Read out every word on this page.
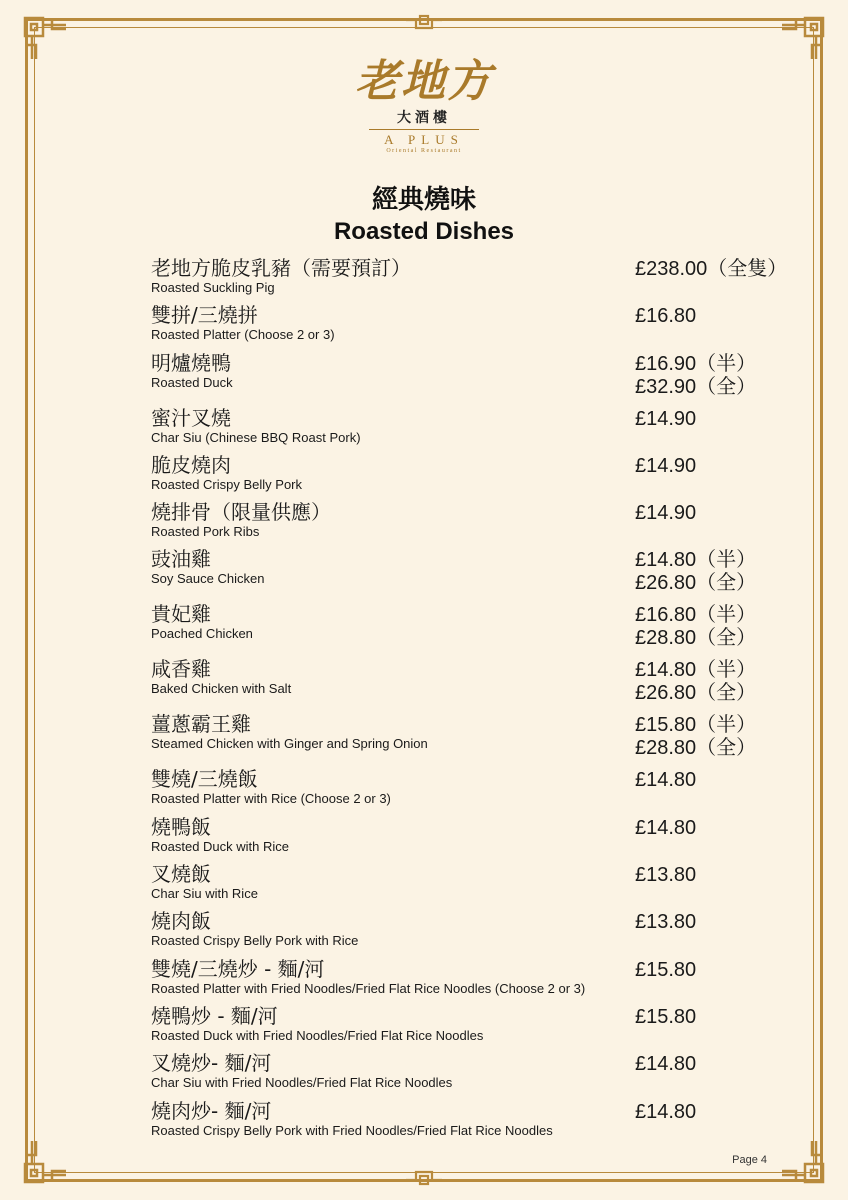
老地方
大酒樓
A PLUS
Oriental Restaurant
經典燒味
Roasted Dishes
老地方脆皮乳豬（需要預訂）
Roasted Suckling Pig
£238.00（全隻）
雙拼/三燒拼
Roasted Platter (Choose 2 or 3)
£16.80
明爐燒鴨
Roasted Duck
£16.90（半）
£32.90（全）
蜜汁叉燒
Char Siu (Chinese BBQ Roast Pork)
£14.90
脆皮燒肉
Roasted Crispy Belly Pork
£14.90
燒排骨（限量供應）
Roasted Pork Ribs
£14.90
豉油雞
Soy Sauce Chicken
£14.80（半）
£26.80（全）
貴妃雞
Poached Chicken
£16.80（半）
£28.80（全）
咸香雞
Baked Chicken with Salt
£14.80（半）
£26.80（全）
薑蔥霸王雞
Steamed Chicken with Ginger and Spring Onion
£15.80（半）
£28.80（全）
雙燒/三燒飯
Roasted Platter with Rice (Choose 2 or 3)
£14.80
燒鴨飯
Roasted Duck with Rice
£14.80
叉燒飯
Char Siu with Rice
£13.80
燒肉飯
Roasted Crispy Belly Pork with Rice
£13.80
雙燒/三燒炒 - 麵/河
Roasted Platter with Fried Noodles/Fried Flat Rice Noodles (Choose 2 or 3)
£15.80
燒鴨炒 - 麵/河
Roasted Duck with Fried Noodles/Fried Flat Rice Noodles
£15.80
叉燒炒- 麵/河
Char Siu with Fried Noodles/Fried Flat Rice Noodles
£14.80
燒肉炒- 麵/河
Roasted Crispy Belly Pork with Fried Noodles/Fried Flat Rice Noodles
£14.80
Page 4
